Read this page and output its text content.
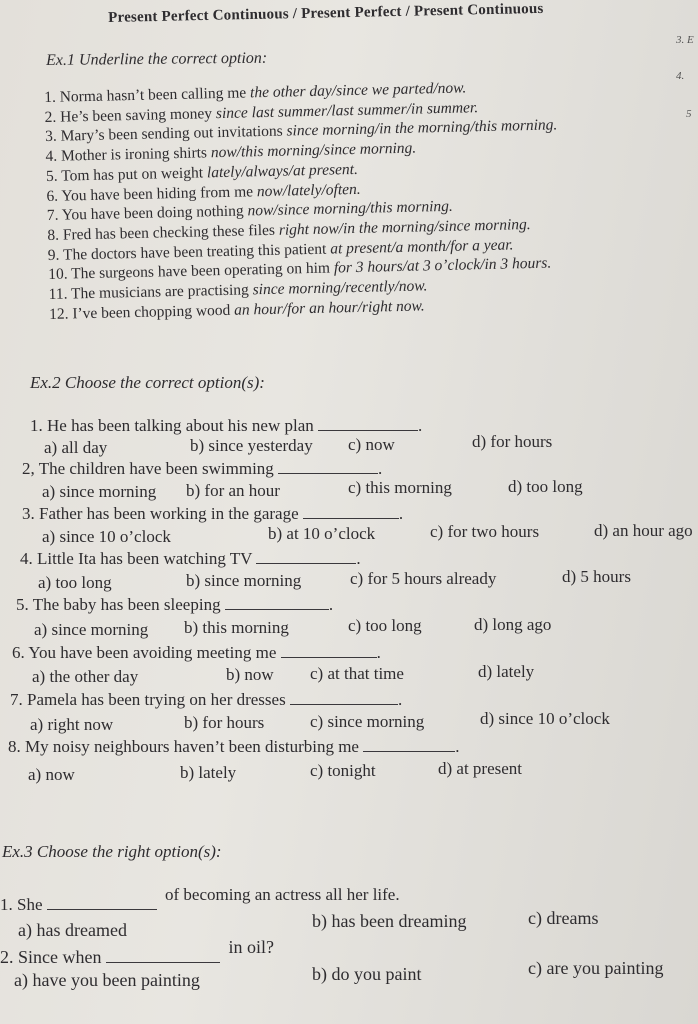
Present Perfect Continuous / Present Perfect / Present Continuous
3. E
4.
5
Ex.1 Underline the correct option:
1. Norma hasn’t been calling me the other day/since we parted/now.
2. He’s been saving money since last summer/last summer/in summer.
3. Mary’s been sending out invitations since morning/in the morning/this morning.
4. Mother is ironing shirts now/this morning/since morning.
5. Tom has put on weight lately/always/at present.
6. You have been hiding from me now/lately/often.
7. You have been doing nothing now/since morning/this morning.
8. Fred has been checking these files right now/in the morning/since morning.
9. The doctors have been treating this patient at present/a month/for a year.
10. The surgeons have been operating on him for 3 hours/at 3 o’clock/in 3 hours.
11. The musicians are practising since morning/recently/now.
12. I’ve been chopping wood an hour/for an hour/right now.
Ex.2 Choose the correct option(s):
1. He has been talking about his new plan	.
a) all day	b) since yesterday c) now	d) for hours
2, The children have been swimming	.
a) since morning b) for an hour	c) this morning	d) too long
3. Father has been working in the garage	.
a) since 10 o’clock	b) at 10 o’clock	c) for two hours	d) an hour ago
4. Little Ita has been watching TV	.
a) too long	b) since morning	c) for 5 hours already	d) 5 hours
5. The baby has been sleeping	.
a) since morning b) this morning	c) too long	d) long ago
6. You have been avoiding meeting me	.
a) the other day	b) now c) at that time	d) lately
7. Pamela has been trying on her dresses	.
a) right now	b) for hours	c) since morning	d) since 10 o’clock
8. My noisy neighbours haven’t been disturbing me	.
a) now	b) lately	c) tonight	d) at present
Ex.3 Choose the right option(s):
1. She  of becoming an actress all her life.
a) has dreamed	b) has been dreaming	c) dreams
2. Since when	in oil?
a) have you been painting	b) do you paint	c) are you painting
